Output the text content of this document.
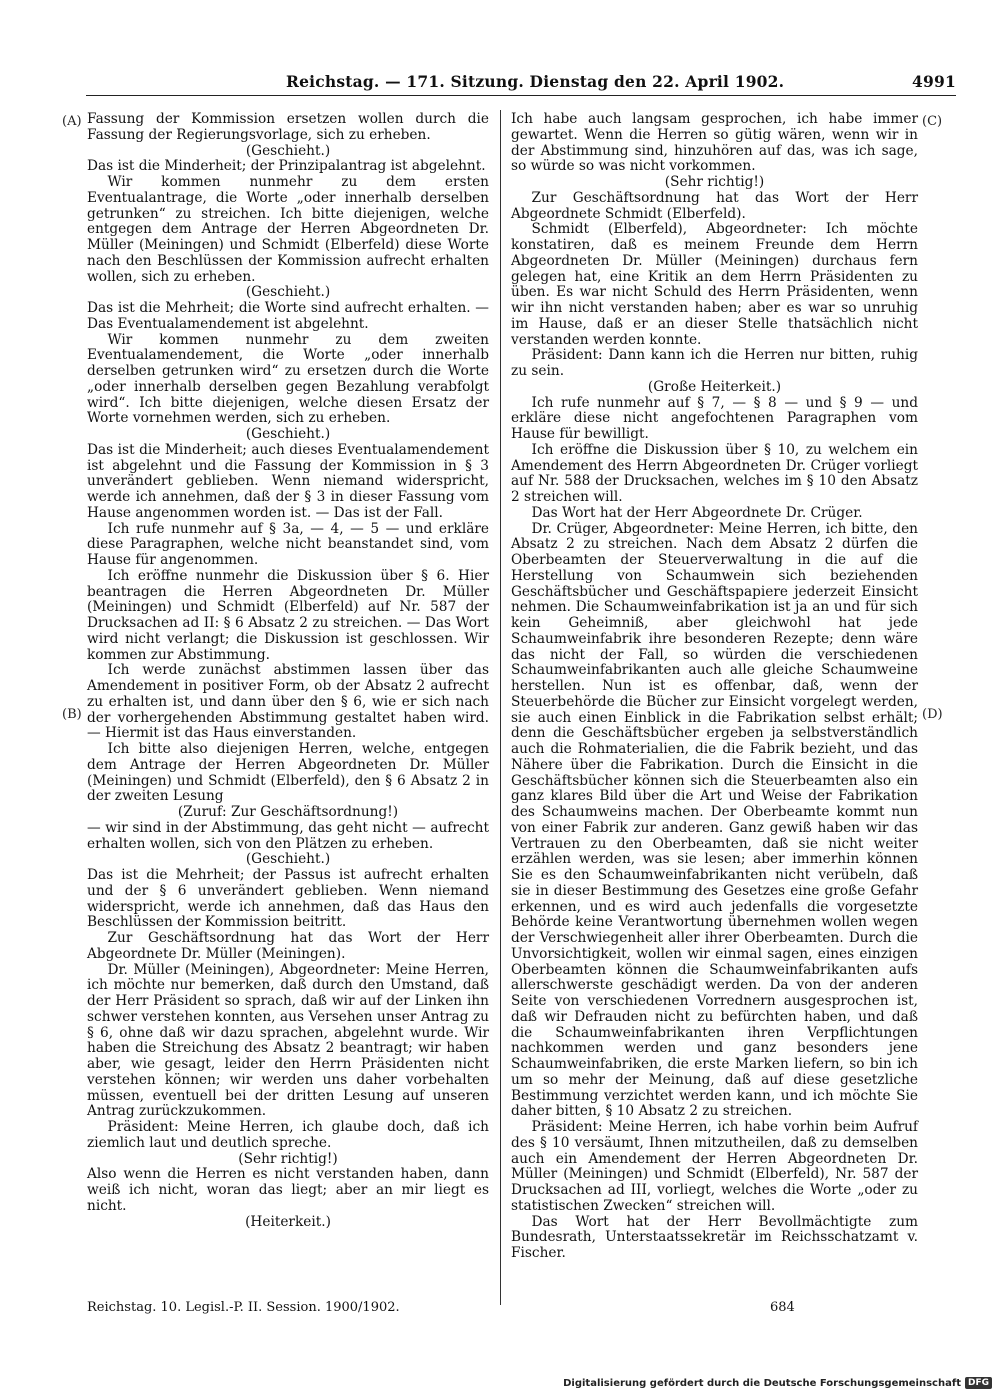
Reichstag. — 171. Sitzung. Dienstag den 22. April 1902.	4991
(A)
(B)
(C)
(D)

Fassung der Kommission ersetzen wollen durch die Fassung der Regierungsvorlage, sich zu erheben.

(Geschieht.)

Das ist die Minderheit; der Prinzipalantrag ist abgelehnt.

Wir kommen nunmehr zu dem ersten Eventualantrage, die Worte „oder innerhalb derselben getrunken“ zu streichen. Ich bitte diejenigen, welche entgegen dem Antrage der Herren Abgeordneten Dr. Müller (Meiningen) und Schmidt (Elberfeld) diese Worte nach den Beschlüssen der Kommission aufrecht erhalten wollen, sich zu erheben.

(Geschieht.)

Das ist die Mehrheit; die Worte sind aufrecht erhalten. — Das Eventualamendement ist abgelehnt.

Wir kommen nunmehr zu dem zweiten Eventualamendement, die Worte „oder innerhalb derselben getrunken wird“ zu ersetzen durch die Worte „oder innerhalb derselben gegen Bezahlung verabfolgt wird“. Ich bitte diejenigen, welche diesen Ersatz der Worte vornehmen werden, sich zu erheben.

(Geschieht.)

Das ist die Minderheit; auch dieses Eventualamendement ist abgelehnt und die Fassung der Kommission in § 3 unverändert geblieben. Wenn niemand widerspricht, werde ich annehmen, daß der § 3 in dieser Fassung vom Hause angenommen worden ist. — Das ist der Fall.

Ich rufe nunmehr auf § 3a, — 4, — 5 — und erkläre diese Paragraphen, welche nicht beanstandet sind, vom Hause für angenommen.

Ich eröffne nunmehr die Diskussion über § 6. Hier beantragen die Herren Abgeordneten Dr. Müller (Meiningen) und Schmidt (Elberfeld) auf Nr. 587 der Drucksachen ad II: § 6 Absatz 2 zu streichen. — Das Wort wird nicht verlangt; die Diskussion ist geschlossen. Wir kommen zur Abstimmung.

Ich werde zunächst abstimmen lassen über das Amendement in positiver Form, ob der Absatz 2 aufrecht zu erhalten ist, und dann über den § 6, wie er sich nach der vorhergehenden Abstimmung gestaltet haben wird. — Hiermit ist das Haus einverstanden.

Ich bitte also diejenigen Herren, welche, entgegen dem Antrage der Herren Abgeordneten Dr. Müller (Meiningen) und Schmidt (Elberfeld), den § 6 Absatz 2 in der zweiten Lesung

(Zuruf: Zur Geschäftsordnung!)

— wir sind in der Abstimmung, das geht nicht — aufrecht erhalten wollen, sich von den Plätzen zu erheben.

(Geschieht.)

Das ist die Mehrheit; der Passus ist aufrecht erhalten und der § 6 unverändert geblieben. Wenn niemand widerspricht, werde ich annehmen, daß das Haus den Beschlüssen der Kommission beitritt.

Zur Geschäftsordnung hat das Wort der Herr Abgeordnete Dr. Müller (Meiningen).

Dr. Müller (Meiningen), Abgeordneter: Meine Herren, ich möchte nur bemerken, daß durch den Umstand, daß der Herr Präsident so sprach, daß wir auf der Linken ihn schwer verstehen konnten, aus Versehen unser Antrag zu § 6, ohne daß wir dazu sprachen, abgelehnt wurde. Wir haben die Streichung des Absatz 2 beantragt; wir haben aber, wie gesagt, leider den Herrn Präsidenten nicht verstehen können; wir werden uns daher vorbehalten müssen, eventuell bei der dritten Lesung auf unseren Antrag zurückzukommen.

Präsident: Meine Herren, ich glaube doch, daß ich ziemlich laut und deutlich spreche.

(Sehr richtig!)

Also wenn die Herren es nicht verstanden haben, dann weiß ich nicht, woran das liegt; aber an mir liegt es nicht.

(Heiterkeit.)

Ich habe auch langsam gesprochen, ich habe immer gewartet. Wenn die Herren so gütig wären, wenn wir in der Abstimmung sind, hinzuhören auf das, was ich sage, so würde so was nicht vorkommen.

(Sehr richtig!)

Zur Geschäftsordnung hat das Wort der Herr Abgeordnete Schmidt (Elberfeld).

Schmidt (Elberfeld), Abgeordneter: Ich möchte konstatiren, daß es meinem Freunde dem Herrn Abgeordneten Dr. Müller (Meiningen) durchaus fern gelegen hat, eine Kritik an dem Herrn Präsidenten zu üben. Es war nicht Schuld des Herrn Präsidenten, wenn wir ihn nicht verstanden haben; aber es war so unruhig im Hause, daß er an dieser Stelle thatsächlich nicht verstanden werden konnte.

Präsident: Dann kann ich die Herren nur bitten, ruhig zu sein.

(Große Heiterkeit.)

Ich rufe nunmehr auf § 7, — § 8 — und § 9 — und erkläre diese nicht angefochtenen Paragraphen vom Hause für bewilligt.

Ich eröffne die Diskussion über § 10, zu welchem ein Amendement des Herrn Abgeordneten Dr. Crüger vorliegt auf Nr. 588 der Drucksachen, welches im § 10 den Absatz 2 streichen will.

Das Wort hat der Herr Abgeordnete Dr. Crüger.

Dr. Crüger, Abgeordneter: Meine Herren, ich bitte, den Absatz 2 zu streichen. Nach dem Absatz 2 dürfen die Oberbeamten der Steuerverwaltung in die auf die Herstellung von Schaumwein sich beziehenden Geschäftsbücher und Geschäftspapiere jederzeit Einsicht nehmen. Die Schaumweinfabrikation ist ja an und für sich kein Geheimniß, aber gleichwohl hat jede Schaumweinfabrik ihre besonderen Rezepte; denn wäre das nicht der Fall, so würden die verschiedenen Schaumweinfabrikanten auch alle gleiche Schaumweine herstellen. Nun ist es offenbar, daß, wenn der Steuerbehörde die Bücher zur Einsicht vorgelegt werden, sie auch einen Einblick in die Fabrikation selbst erhält; denn die Geschäftsbücher ergeben ja selbstverständlich auch die Rohmaterialien, die die Fabrik bezieht, und das Nähere über die Fabrikation. Durch die Einsicht in die Geschäftsbücher können sich die Steuerbeamten also ein ganz klares Bild über die Art und Weise der Fabrikation des Schaumweins machen. Der Oberbeamte kommt nun von einer Fabrik zur anderen. Ganz gewiß haben wir das Vertrauen zu den Oberbeamten, daß sie nicht weiter erzählen werden, was sie lesen; aber immerhin können Sie es den Schaumweinfabrikanten nicht verübeln, daß sie in dieser Bestimmung des Gesetzes eine große Gefahr erkennen, und es wird auch jedenfalls die vorgesetzte Behörde keine Verantwortung übernehmen wollen wegen der Verschwiegenheit aller ihrer Oberbeamten. Durch die Unvorsichtigkeit, wollen wir einmal sagen, eines einzigen Oberbeamten können die Schaumweinfabrikanten aufs allerschwerste geschädigt werden. Da von der anderen Seite von verschiedenen Vorrednern ausgesprochen ist, daß wir Defrauden nicht zu befürchten haben, und daß die Schaumweinfabrikanten ihren Verpflichtungen nachkommen werden und ganz besonders jene Schaumweinfabriken, die erste Marken liefern, so bin ich um so mehr der Meinung, daß auf diese gesetzliche Bestimmung verzichtet werden kann, und ich möchte Sie daher bitten, § 10 Absatz 2 zu streichen.

Präsident: Meine Herren, ich habe vorhin beim Aufruf des § 10 versäumt, Ihnen mitzutheilen, daß zu demselben auch ein Amendement der Herren Abgeordneten Dr. Müller (Meiningen) und Schmidt (Elberfeld), Nr. 587 der Drucksachen ad III, vorliegt, welches die Worte „oder zu statistischen Zwecken“ streichen will.

Das Wort hat der Herr Bevollmächtigte zum Bundesrath, Unterstaatssekretär im Reichsschatzamt v. Fischer.

Reichstag. 10. Legisl.-P. II. Session. 1900/1902.	684
Digitalisierung gefördert durch die Deutsche Forschungsgemeinschaft DFG
